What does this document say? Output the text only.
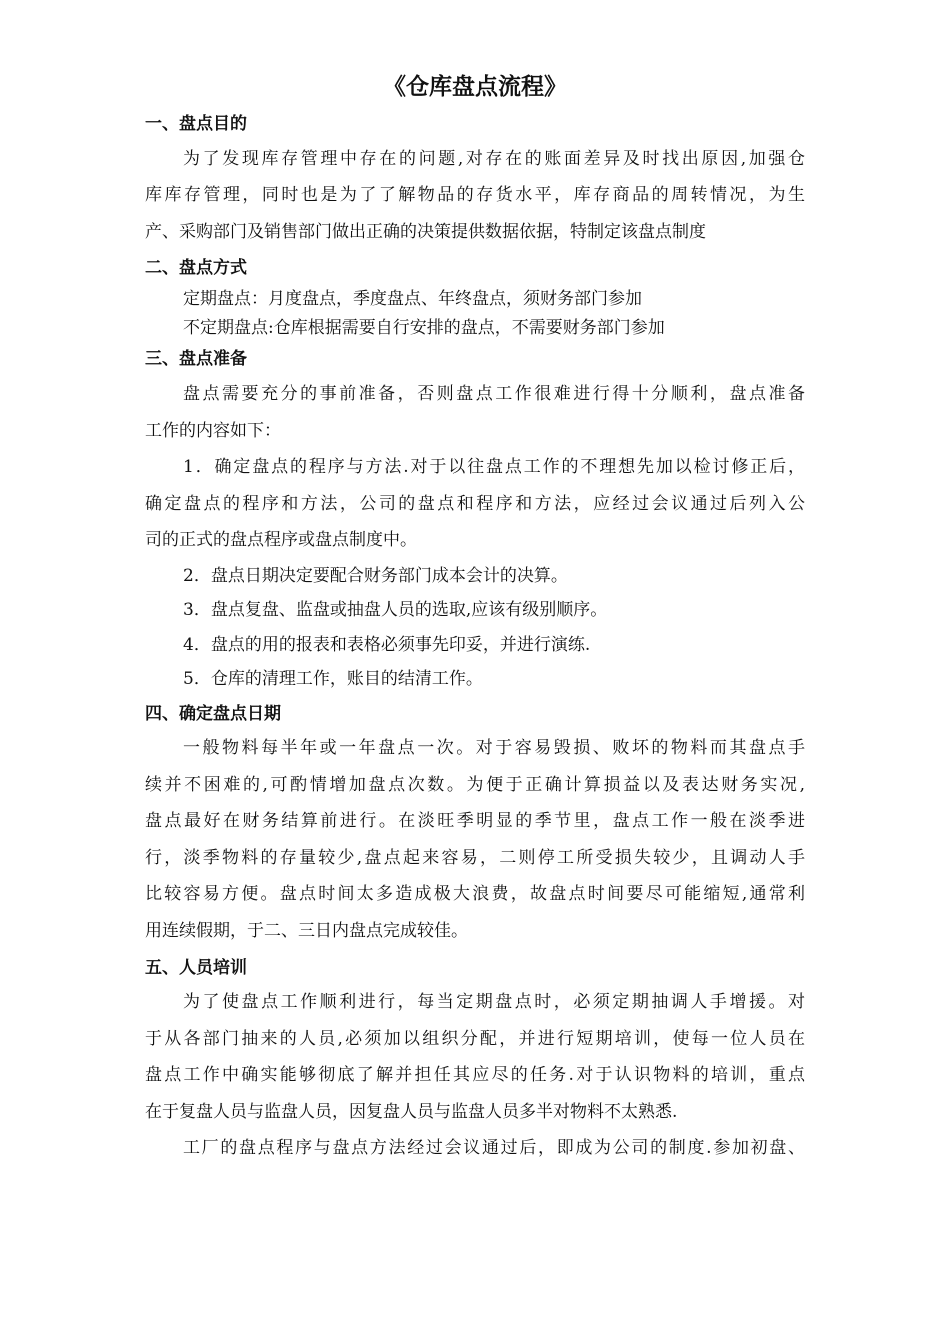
《仓库盘点流程》
一、盘点目的
为了发现库存管理中存在的问题,对存在的账面差异及时找出原因,加强仓
库库存管理，同时也是为了了解物品的存货水平，库存商品的周转情况，为生
产、采购部门及销售部门做出正确的决策提供数据依据，特制定该盘点制度
二、盘点方式
定期盘点：月度盘点，季度盘点、年终盘点，须财务部门参加
不定期盘点:仓库根据需要自行安排的盘点，不需要财务部门参加
三、盘点准备
盘点需要充分的事前准备，否则盘点工作很难进行得十分顺利，盘点准备
工作的内容如下：
1．确定盘点的程序与方法.对于以往盘点工作的不理想先加以检讨修正后，
确定盘点的程序和方法，公司的盘点和程序和方法，应经过会议通过后列入公
司的正式的盘点程序或盘点制度中。
2．盘点日期决定要配合财务部门成本会计的决算。
3．盘点复盘、监盘或抽盘人员的选取,应该有级别顺序。
4．盘点的用的报表和表格必须事先印妥，并进行演练.
5．仓库的清理工作，账目的结清工作。
四、确定盘点日期
一般物料每半年或一年盘点一次。对于容易毁损、败坏的物料而其盘点手
续并不困难的,可酌情增加盘点次数。为便于正确计算损益以及表达财务实况,
盘点最好在财务结算前进行。在淡旺季明显的季节里，盘点工作一般在淡季进
行，淡季物料的存量较少,盘点起来容易，二则停工所受损失较少，且调动人手
比较容易方便。盘点时间太多造成极大浪费，故盘点时间要尽可能缩短,通常利
用连续假期，于二、三日内盘点完成较佳。
五、人员培训
为了使盘点工作顺利进行，每当定期盘点时，必须定期抽调人手增援。对
于从各部门抽来的人员,必须加以组织分配，并进行短期培训，使每一位人员在
盘点工作中确实能够彻底了解并担任其应尽的任务.对于认识物料的培训，重点
在于复盘人员与监盘人员，因复盘人员与监盘人员多半对物料不太熟悉.
工厂的盘点程序与盘点方法经过会议通过后，即成为公司的制度.参加初盘、
